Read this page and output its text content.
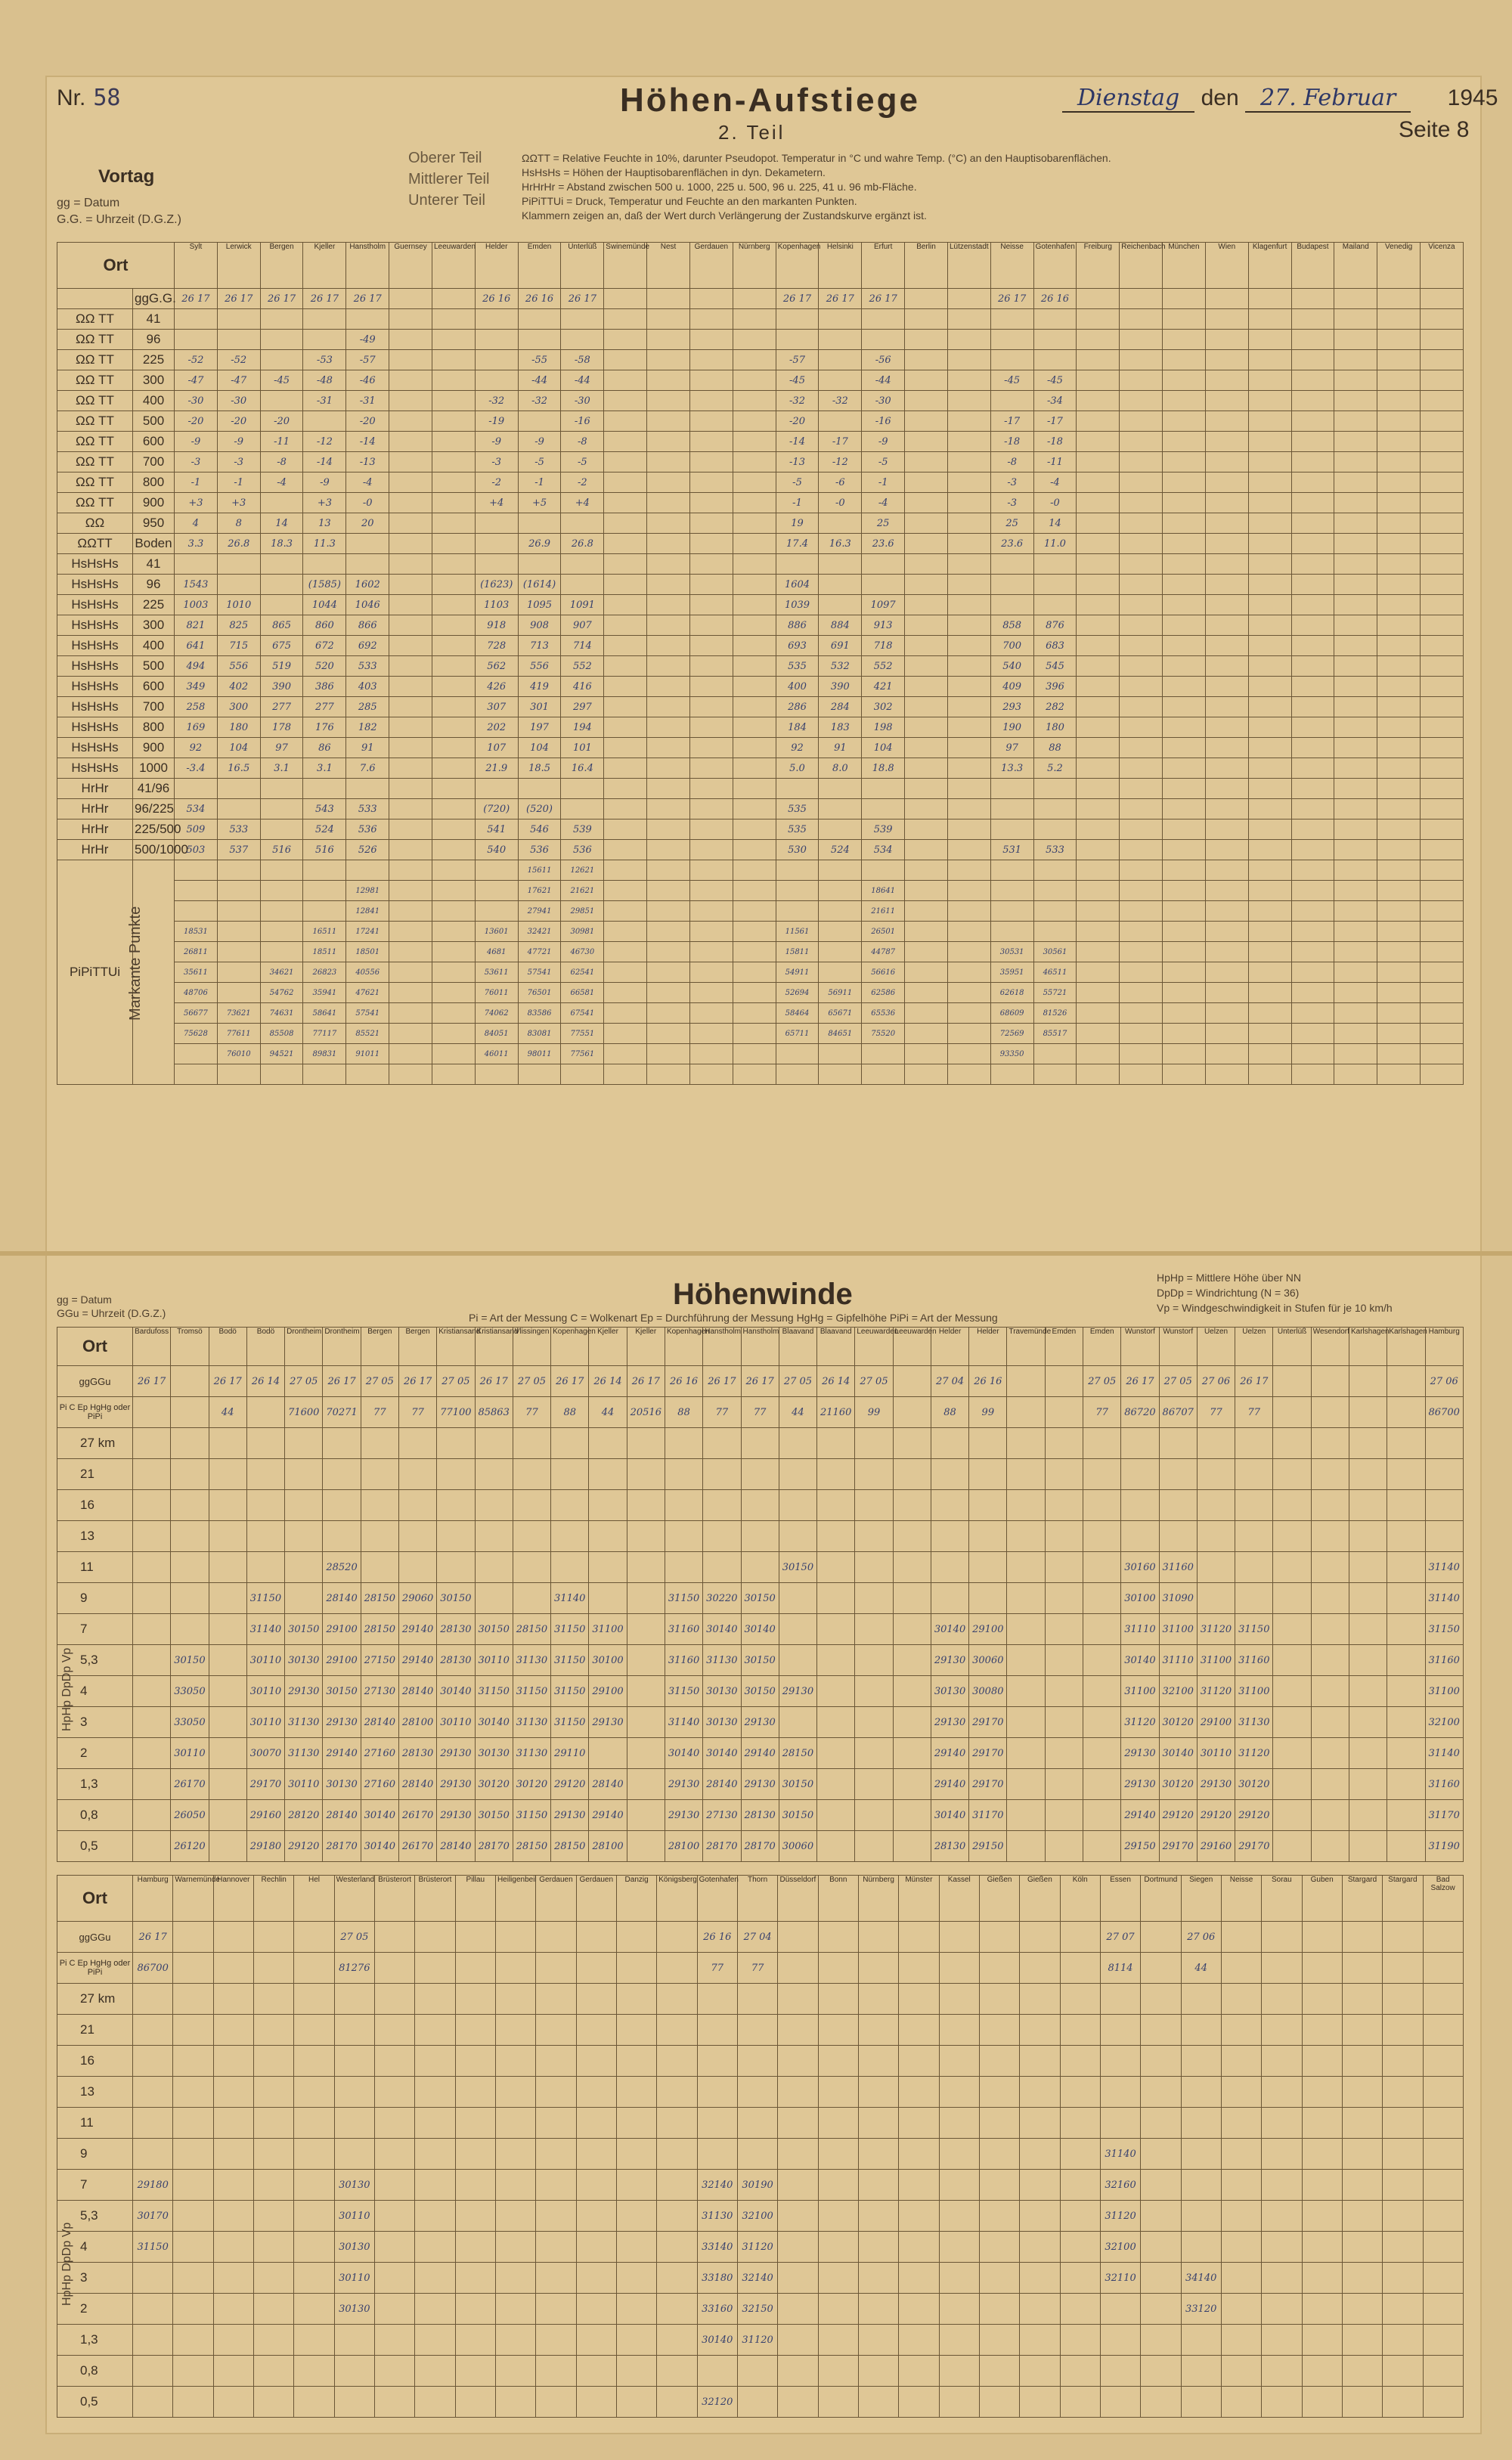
Nr. 58	Höhen-Aufstiege
2. Teil
Dienstag den 27. Februar 1945
Seite 8
Vortag
gg = Datum
G.G. = Uhrzeit (D.G.Z.)
Oberer Teil
Mittlerer Teil
Unterer Teil
ΩΩTT = Relative Feuchte in 10%, darunter Pseudopot. Temperatur in °C und wahre Temp. (°C) an den Hauptisobarenflächen.
HsHsHs = Höhen der Hauptisobarenflächen in dyn. Dekametern.
HrHrHr = Abstand zwischen 500 u. 1000, 225 u. 500, 96 u. 225, 41 u. 96 mb-Fläche.
PiPiTTUi = Druck, Temperatur und Feuchte an den markanten Punkten.
Klammern zeigen an, daß der Wert durch Verlängerung der Zustandskurve ergänzt ist.
Ort		Sylt	Lerwick	Bergen	Kjeller	Hanstholm	Guernsey	Leeuwarden	Helder	Emden	Unterlüß	Swinemünde	Nest	Gerdauen	Nürnberg	Kopenhagen	Helsinki	Erfurt	Berlin	Lützenstadt	Neisse	Gotenhafen	Freiburg	Reichenbach	München	Wien	Klagenfurt	Budapest	Mailand	Venedig	Vicenza
	ggG.G.	26 17	26 17	26 17	26 17	26 17			26 16	26 16	26 17					26 17	26 17	26 17			26 17	26 16									
ΩΩ TT	41																														
ΩΩ TT	96					-49																									
ΩΩ TT	225	-52	-52		-53	-57				-55	-58					-57		-56													
ΩΩ TT	300	-47	-47	-45	-48	-46				-44	-44					-45		-44			-45	-45									
ΩΩ TT	400	-30	-30		-31	-31			-32	-32	-30					-32	-32	-30				-34									
ΩΩ TT	500	-20	-20	-20		-20			-19		-16					-20		-16			-17	-17									
ΩΩ TT	600	-9	-9	-11	-12	-14			-9	-9	-8					-14	-17	-9			-18	-18									
ΩΩ TT	700	-3	-3	-8	-14	-13			-3	-5	-5					-13	-12	-5			-8	-11									
ΩΩ TT	800	-1	-1	-4	-9	-4			-2	-1	-2					-5	-6	-1			-3	-4									
ΩΩ TT	900	+3	+3		+3	-0			+4	+5	+4					-1	-0	-4			-3	-0									
ΩΩ	950	4	8	14	13	20										19		25			25	14									
ΩΩTT	Boden	3.3	26.8	18.3	11.3					26.9	26.8					17.4	16.3	23.6			23.6	11.0									
HsHsHs	41																														
HsHsHs	96	1543			(1585)	1602			(1623)	(1614)						1604															
HsHsHs	225	1003	1010		1044	1046			1103	1095	1091					1039		1097													
HsHsHs	300	821	825	865	860	866			918	908	907					886	884	913			858	876									
HsHsHs	400	641	715	675	672	692			728	713	714					693	691	718			700	683									
HsHsHs	500	494	556	519	520	533			562	556	552					535	532	552			540	545									
HsHsHs	600	349	402	390	386	403			426	419	416					400	390	421			409	396									
HsHsHs	700	258	300	277	277	285			307	301	297					286	284	302			293	282									
HsHsHs	800	169	180	178	176	182			202	197	194					184	183	198			190	180									
HsHsHs	900	92	104	97	86	91			107	104	101					92	91	104			97	88									
HsHsHs	1000	-3.4	16.5	3.1	3.1	7.6			21.9	18.5	16.4					5.0	8.0	18.8			13.3	5.2									
HrHr	41/96																														
HrHr	96/225	534			543	533			(720)	(520)						535															
HrHr	225/500	509	533		524	536			541	546	539					535		539													
HrHr	500/1000	503	537	516	516	526			540	536	536					530	524	534			531	533									
PiPiTTUi										15611	12621																				
						12981				17621	21621							18641													
						12841				27941	29851							21611													
		18531			16511	17241			13601	32421	30981					11561		26501													
		26811			18511	18501			4681	47721	46730					15811		44787			30531	30561									
		35611		34621	26823	40556			53611	57541	62541					54911		56616			35951	46511									
		48706		54762	35941	47621			76011	76501	66581					52694	56911	62586			62618	55721									
		56677	73621	74631	58641	57541			74062	83586	67541					58464	65671	65536			68609	81526									
		75628	77611	85508	77117	85521			84051	83081	77551					65711	84651	75520			72569	85517									
			76010	94521	89831	91011			46011	98011	77561										93350										

Markante Punkte
Höhenwinde
gg = Datum
GGu = Uhrzeit (D.G.Z.)	Pi = Art der Messung C = Wolkenart Ep = Durchführung der Messung HgHg = Gipfelhöhe PiPi = Art der Messung
HpHp = Mittlere Höhe über NN
DpDp = Windrichtung (N = 36)
Vp = Windgeschwindigkeit in Stufen für je 10 km/h
Ort	Bardufoss	Tromsö	Bodö	Bodö	Drontheim	Drontheim	Bergen	Bergen	Kristiansand	Kristiansand	Vlissingen	Kopenhagen	Kjeller	Kjeller	Kopenhagen	Hanstholm	Hanstholm	Blaavand	Blaavand	Leeuwarden	Leeuwarden	Helder	Helder	Travemünde	Emden	Emden	Wunstorf	Wunstorf	Uelzen	Uelzen	Unterlüß	Wesendorf	Karlshagen	Karlshagen	Hamburg
ggGGu	26 17		26 17	26 14	27 05	26 17	27 05	26 17	27 05	26 17	27 05	26 17	26 14	26 17	26 16	26 17	26 17	27 05	26 14	27 05		27 04	26 16			27 05	26 17	27 05	27 06	26 17					27 06
Pi C Ep HgHg oder PiPi			44		71600	70271	77	77	77100	85863	77	88	44	20516	88	77	77	44	21160	99		88	99			77	86720	86707	77	77					86700
27 km																																			
21																																			
16																																			
13																																			
11						28520												30150									30160	31160							31140
9				31150		28140	28150	29060	30150			31140			31150	30220	30150										30100	31090							31140
7				31140	30150	29100	28150	29140	28130	30150	28150	31150	31100		31160	30140	30140					30140	29100				31110	31100	31120	31150					31150
5,3		30150		30110	30130	29100	27150	29140	28130	30110	31130	31150	30100		31160	31130	30150					29130	30060				30140	31110	31100	31160					31160
4		33050		30110	29130	30150	27130	28140	30140	31150	31150	31150	29100		31150	30130	30150	29130				30130	30080				31100	32100	31120	31100					31100
3		33050		30110	31130	29130	28140	28100	30110	30140	31130	31150	29130		31140	30130	29130					29130	29170				31120	30120	29100	31130					32100
2		30110		30070	31130	29140	27160	28130	29130	30130	31130	29110			30140	30140	29140	28150				29140	29170				29130	30140	30110	31120					31140
1,3		26170		29170	30110	30130	27160	28140	29130	30120	30120	29120	28140		29130	28140	29130	30150				29140	29170				29130	30120	29130	30120					31160
0,8		26050		29160	28120	28140	30140	26170	29130	30150	31150	29130	29140		29130	27130	28130	30150				30140	31170				29140	29120	29120	29120					31170
0,5		26120		29180	29120	28170	30140	26170	28140	28170	28150	28150	28100		28100	28170	28170	30060				28130	29150				29150	29170	29160	29170					31190
HpHp DpDp Vp
Ort	Hamburg	Warnemünde	Hannover	Rechlin	Hel	Westerland	Brüsterort	Brüsterort	Pillau	Heiligenbeil	Gerdauen	Gerdauen	Danzig	Königsberg	Gotenhafen	Thorn	Düsseldorf	Bonn	Nürnberg	Münster	Kassel	Gießen	Gießen	Köln	Essen	Dortmund	Siegen	Neisse	Sorau	Guben	Stargard	Stargard	Bad Salzow
ggGGu	26 17					27 05									26 16	27 04									27 07		27 06						
Pi C Ep HgHg oder PiPi	86700					81276									77	77									8114		44						
27 km																																	
21																																	
16																																	
13																																	
11																																	
9																									31140								
7	29180					30130									32140	30190									32160								
5,3	30170					30110									31130	32100									31120								
4	31150					30130									33140	31120									32100								
3						30110									33180	32140									32110		34140						
2						30130									33160	32150											33120						
1,3															30140	31120																	
0,8																																	
0,5															32120																		
HpHp DpDp Vp
